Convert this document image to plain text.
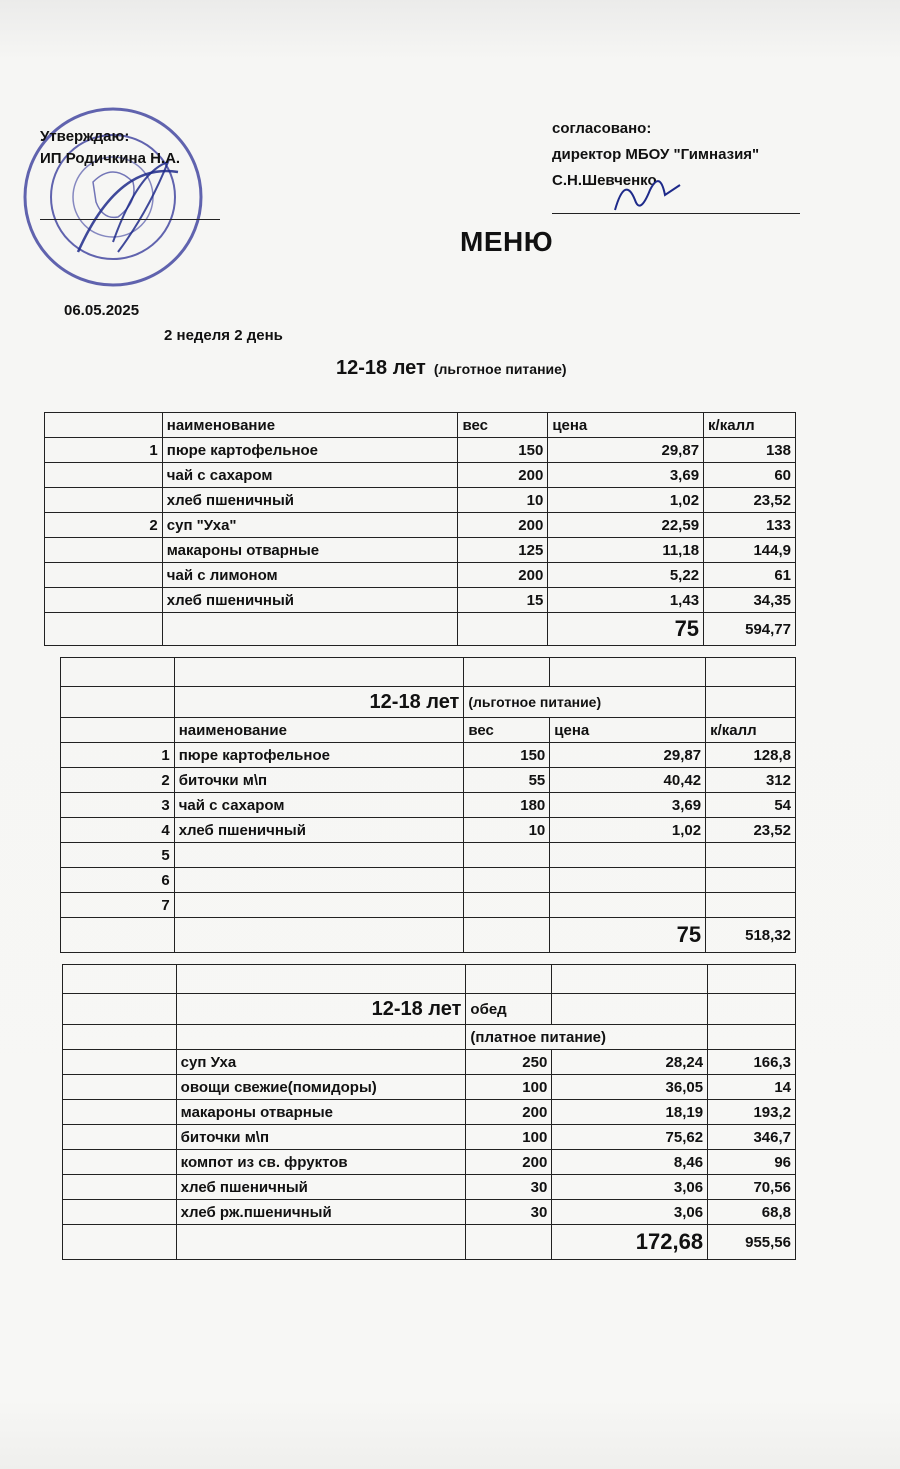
Утверждаю:
ИП Родичкина Н.А.
согласовано:
директор МБОУ "Гимназия"
С.Н.Шевченко
МЕНЮ
06.05.2025
2 неделя 2 день
12-18 лет (льготное питание)
	наименование	вес	цена	к/калл
1	пюре картофельное	150	29,87	138
	чай с сахаром	200	3,69	60
	хлеб пшеничный	10	1,02	23,52
2	суп "Уха"	200	22,59	133
	макароны отварные	125	11,18	144,9
	чай с лимоном	200	5,22	61
	хлеб пшеничный	15	1,43	34,35
			75	594,77

	12-18 лет	(льготное питание)		
	наименование	вес	цена	к/калл
1	пюре картофельное	150	29,87	128,8
2	биточки м\п	55	40,42	312
3	чай с сахаром	180	3,69	54
4	хлеб пшеничный	10	1,02	23,52
5				
6				
7				
			75	518,32

	12-18 лет	обед		
		(платное питание)		
	суп Уха	250	28,24	166,3
	овощи свежие(помидоры)	100	36,05	14
	макароны отварные	200	18,19	193,2
	биточки м\п	100	75,62	346,7
	компот из св. фруктов	200	8,46	96
	хлеб пшеничный	30	3,06	70,56
	хлеб рж.пшеничный	30	3,06	68,8
			172,68	955,56
